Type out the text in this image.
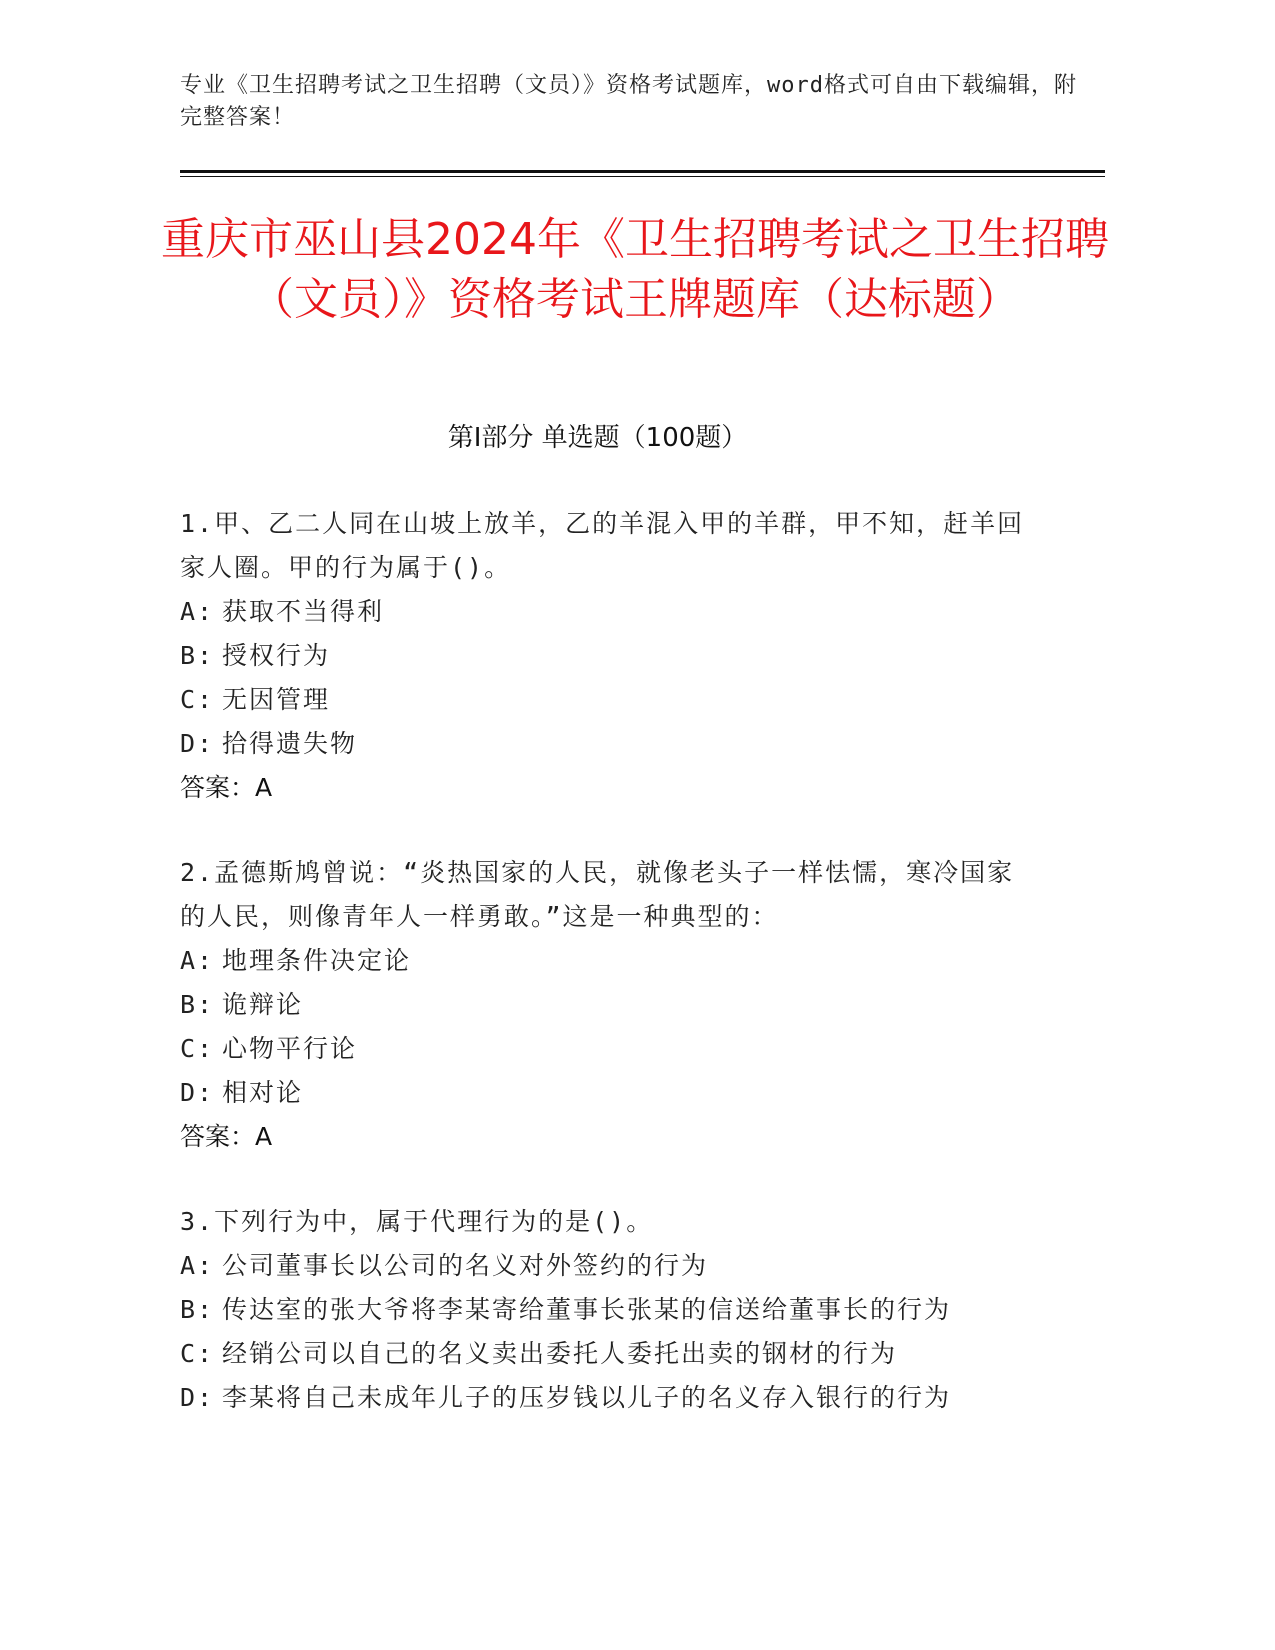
专业《卫生招聘考试之卫生招聘（文员）》资格考试题库，word格式可自由下载编辑，附完整答案！
重庆市巫山县2024年《卫生招聘考试之卫生招聘（文员）》资格考试王牌题库（达标题）
第Ⅰ部分 单选题（100题）
1.甲、乙二人同在山坡上放羊，乙的羊混入甲的羊群，甲不知，赶羊回家人圈。甲的行为属于()。
A: 获取不当得利
B: 授权行为
C: 无因管理
D: 拾得遗失物
答案：A
2.孟德斯鸠曾说：“炎热国家的人民，就像老头子一样怯懦，寒冷国家的人民，则像青年人一样勇敢。”这是一种典型的：
A: 地理条件决定论
B: 诡辩论
C: 心物平行论
D: 相对论
答案：A
3.下列行为中，属于代理行为的是()。
A: 公司董事长以公司的名义对外签约的行为
B: 传达室的张大爷将李某寄给董事长张某的信送给董事长的行为
C: 经销公司以自己的名义卖出委托人委托出卖的钢材的行为
D: 李某将自己未成年儿子的压岁钱以儿子的名义存入银行的行为
